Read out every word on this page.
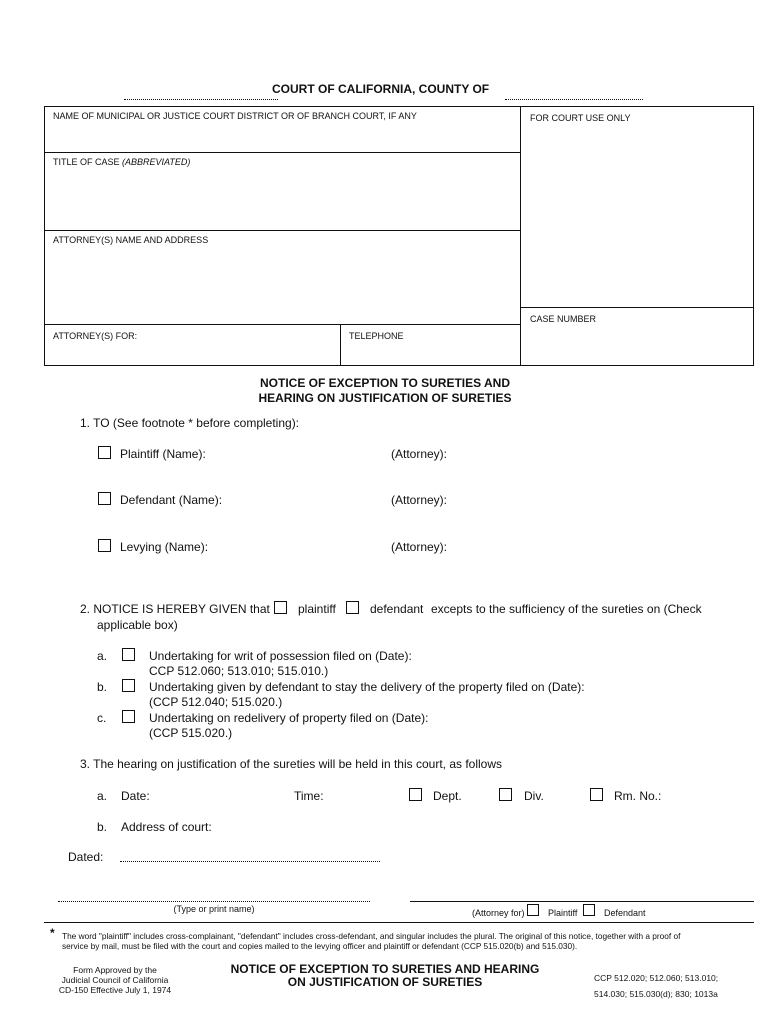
COURT OF CALIFORNIA, COUNTY OF
NAME OF MUNICIPAL OR JUSTICE COURT DISTRICT OR OF BRANCH COURT, IF ANY	FOR COURT USE ONLY
TITLE OF CASE (ABBREVIATED)
ATTORNEY(S) NAME AND ADDRESS
CASE NUMBER
ATTORNEY(S) FOR:	TELEPHONE
NOTICE OF EXCEPTION TO SURETIES AND
HEARING ON JUSTIFICATION OF SURETIES
1. TO (See footnote * before completing):
Plaintiff (Name):	(Attorney):
Defendant (Name):	(Attorney):
Levying (Name):	(Attorney):
2. NOTICE IS HEREBY GIVEN that plaintiff	defendant excepts to the sufficiency of the sureties on (Check
applicable box)
a.	Undertaking for writ of possession filed on (Date):
CCP 512.060; 513.010; 515.010.)
b.	Undertaking given by defendant to stay the delivery of the property filed on (Date):
(CCP 512.040; 515.020.)
c.	Undertaking on redelivery of property filed on (Date):
(CCP 515.020.)
3. The hearing on justification of the sureties will be held in this court, as follows
a. Date:	Time:	Dept.	Div.	Rm. No.:
b. Address of court:
Dated:
(Type or print name)	(Attorney for)	Plaintiff	Defendant
* The word "plaintiff" includes cross-complainant, "defendant" includes cross-defendant, and singular includes the plural. The original of this notice, together with a proof of
service by mail, must be filed with the court and copies mailed to the levying officer and plaintiff or defendant (CCP 515.020(b) and 515.030).
Form Approved by the
Judicial Council of California
CD-150 Effective July 1, 1974
NOTICE OF EXCEPTION TO SURETIES AND HEARING
ON JUSTIFICATION OF SURETIES	CCP 512.020; 512.060; 513.010;
514.030; 515.030(d); 830; 1013a
